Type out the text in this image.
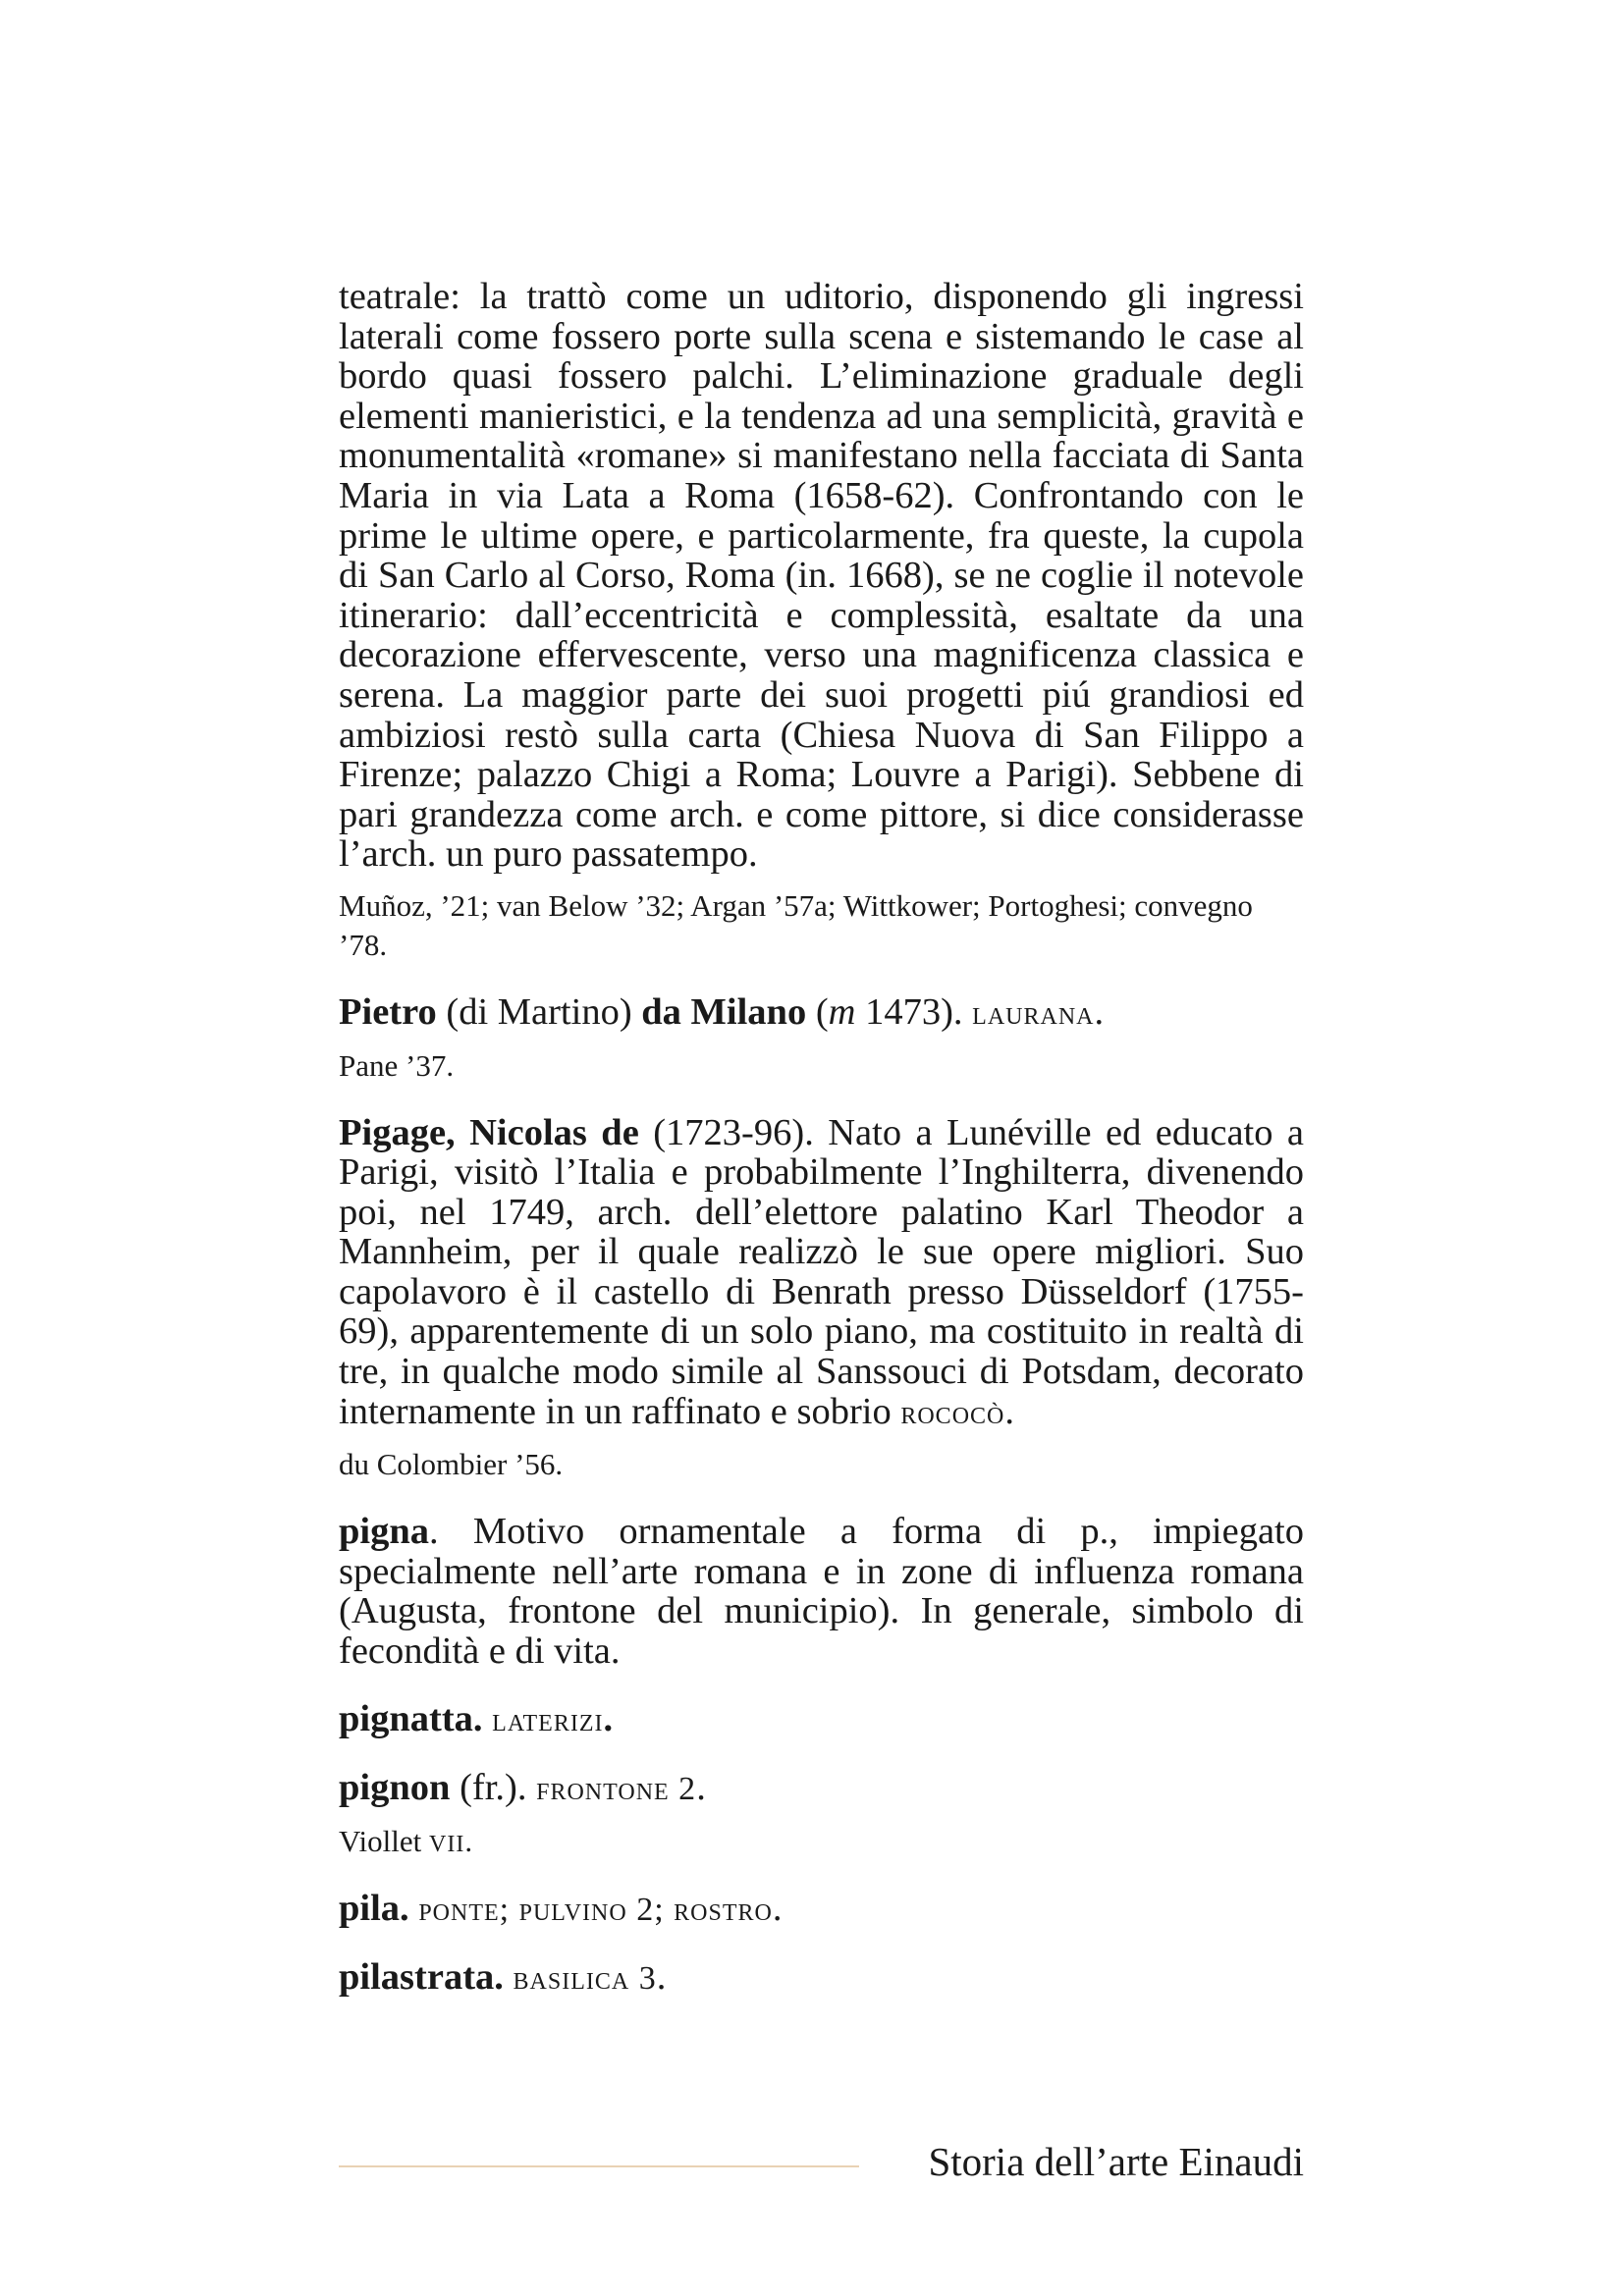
teatrale: la trattò come un uditorio, disponendo gli ingressi laterali come fossero porte sulla scena e sistemando le case al bordo quasi fossero palchi. L’eliminazione graduale degli elementi manieristici, e la tendenza ad una semplicità, gravità e monumentalità «romane» si manifestano nella facciata di Santa Maria in via Lata a Roma (1658-62). Confrontando con le prime le ultime opere, e particolarmente, fra queste, la cupola di San Carlo al Corso, Roma (in. 1668), se ne coglie il notevole itinerario: dall’eccentricità e complessità, esaltate da una decorazione effervescente, verso una magnificenza classica e serena. La maggior parte dei suoi progetti piú grandiosi ed ambiziosi restò sulla carta (Chiesa Nuova di San Filippo a Firenze; palazzo Chigi a Roma; Louvre a Parigi). Sebbene di pari grandezza come arch. e come pittore, si dice considerasse l’arch. un puro passatempo.

Muñoz, ’21; van Below ’32; Argan ’57a; Wittkower; Portoghesi; convegno ’78.

Pietro (di Martino) da Milano (m 1473). laurana.

Pane ’37.

Pigage, Nicolas de (1723-96). Nato a Lunéville ed educato a Parigi, visitò l’Italia e probabilmente l’Inghilterra, divenendo poi, nel 1749, arch. dell’elettore palatino Karl Theodor a Mannheim, per il quale realizzò le sue opere migliori. Suo capolavoro è il castello di Benrath presso Düsseldorf (1755-69), apparentemente di un solo piano, ma costituito in realtà di tre, in qualche modo simile al Sanssouci di Potsdam, decorato internamente in un raffinato e sobrio rococò.

du Colombier ’56.

pigna. Motivo ornamentale a forma di p., impiegato specialmente nell’arte romana e in zone di influenza romana (Augusta, frontone del municipio). In generale, simbolo di fecondità e di vita.

pignatta. laterizi.

pignon (fr.). frontone 2.

Viollet vii.

pila. ponte; pulvino 2; rostro.

pilastrata. basilica 3.

Storia dell’arte Einaudi
